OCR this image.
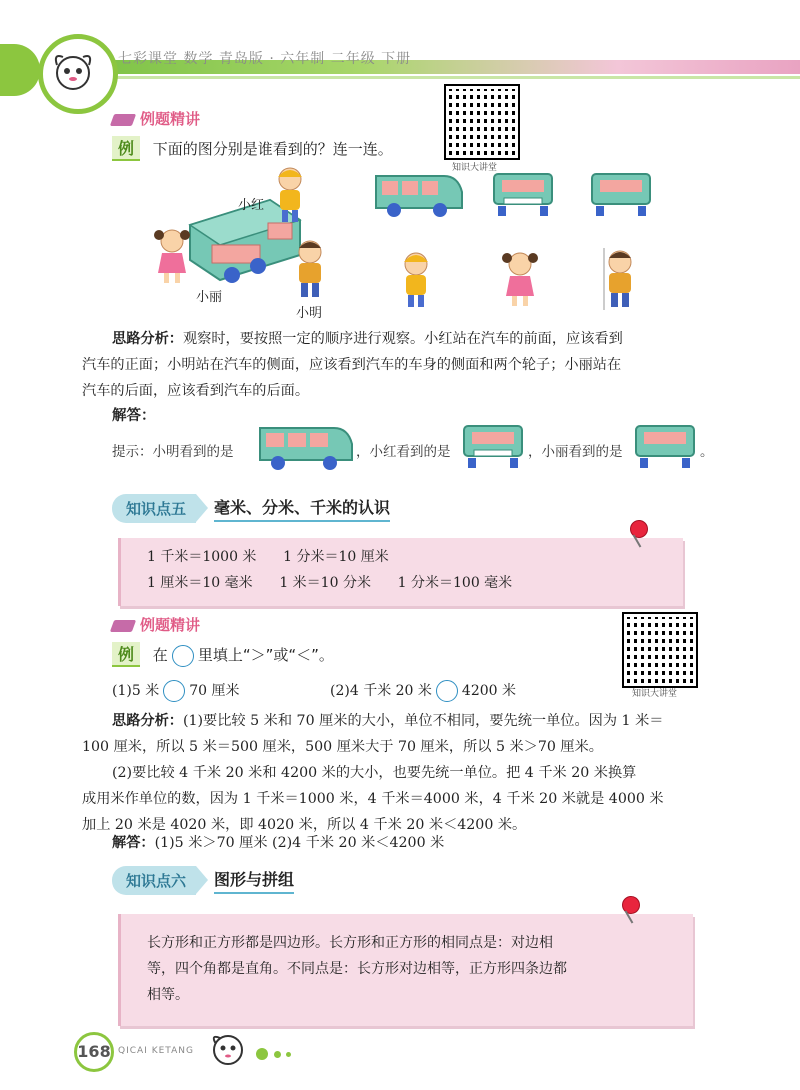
七彩课堂 数学 青岛版 · 六年制 二年级 下册
例题精讲
例 下面的图分别是谁看到的？连一连。
知识大讲堂
小红
小丽
小明
思路分析：观察时，要按照一定的顺序进行观察。小红站在汽车的前面，应该看到
汽车的正面；小明站在汽车的侧面，应该看到汽车的车身的侧面和两个轮子；小丽站在
汽车的后面，应该看到汽车的后面。
解答：
提示：小明看到的是	，小红看到的是	，小丽看到的是	。
知识点五	毫米、分米、千米的认识
1 千米＝1000 米      1 分米＝10 厘米
1 厘米＝10 毫米      1 米＝10 分米      1 分米＝100 毫米
例题精讲
例 在 里填上“＞”或“＜”。
知识大讲堂
(1)5 米 70 厘米	(2)4 千米 20 米 4200 米
思路分析：(1)要比较 5 米和 70 厘米的大小，单位不相同，要先统一单位。因为 1 米＝
100 厘米，所以 5 米＝500 厘米，500 厘米大于 70 厘米，所以 5 米＞70 厘米。
(2)要比较 4 千米 20 米和 4200 米的大小，也要先统一单位。把 4 千米 20 米换算
成用米作单位的数，因为 1 千米＝1000 米，4 千米＝4000 米，4 千米 20 米就是 4000 米
加上 20 米是 4020 米，即 4020 米，所以 4 千米 20 米＜4200 米。
解答：(1)5 米＞70 厘米 (2)4 千米 20 米＜4200 米
知识点六	图形与拼组
长方形和正方形都是四边形。长方形和正方形的相同点是：对边相
等，四个角都是直角。不同点是：长方形对边相等，正方形四条边都
相等。
168 QICAI KETANG
